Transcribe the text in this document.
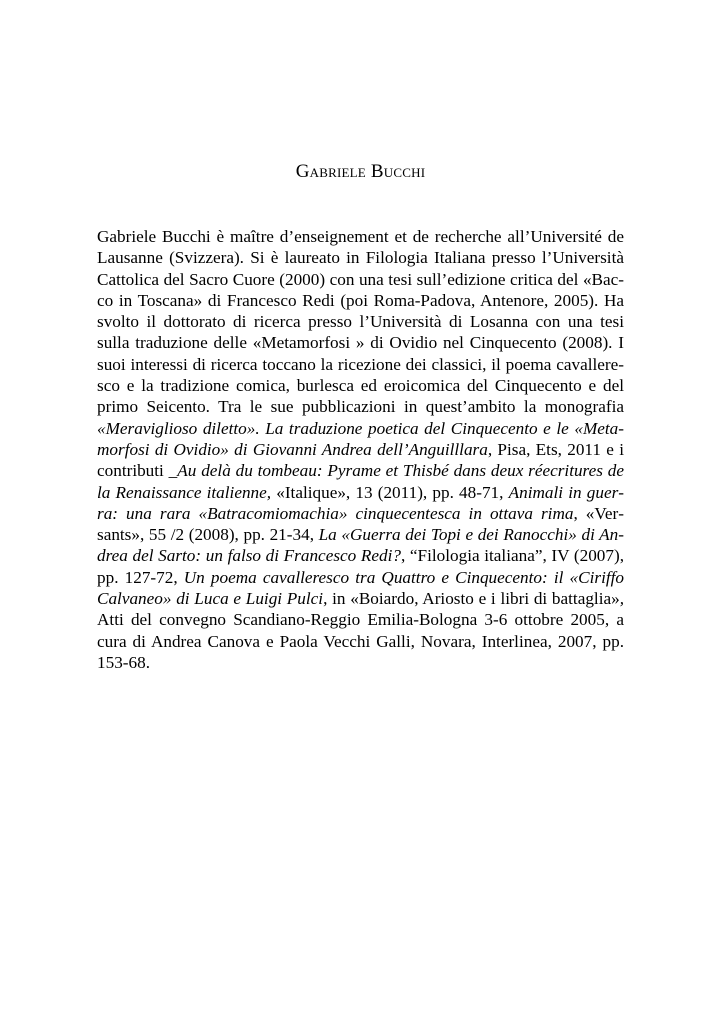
Gabriele Bucchi

Gabriele Bucchi è maître d’enseignement et de recherche all’Université de Lausanne (Svizzera). Si è laureato in Filologia Italiana presso l’Università Cattolica del Sacro Cuore (2000) con una tesi sull’edizione critica del «Bacco in Toscana» di Francesco Redi (poi Roma-Padova, Antenore, 2005). Ha svolto il dottorato di ricerca presso l’Università di Losanna con una tesi sulla traduzione delle «Metamorfosi » di Ovidio nel Cinquecento (2008). I suoi interessi di ricerca toccano la ricezione dei classici, il poema cavalleresco e la tradizione comica, burlesca ed eroicomica del Cinquecento e del primo Seicento. Tra le sue pubblicazioni in quest’ambito la monografia «Meraviglioso diletto». La traduzione poetica del Cinquecento e le «Metamorfosi di Ovidio» di Giovanni Andrea dell’Anguilllara, Pisa, Ets, 2011 e i contributi _Au delà du tombeau: Pyrame et Thisbé dans deux réecritures de la Renaissance italienne, «Italique», 13 (2011), pp. 48-71, Animali in guerra: una rara «Batracomiomachia» cinquecentesca in ottava rima, «Versants», 55 /2 (2008), pp. 21-34, La «Guerra dei Topi e dei Ranocchi» di Andrea del Sarto: un falso di Francesco Redi?, “Filologia italiana”, IV (2007), pp. 127-72, Un poema cavalleresco tra Quattro e Cinquecento: il «Ciriffo Calvaneo» di Luca e Luigi Pulci, in «Boiardo, Ariosto e i libri di battaglia», Atti del convegno Scandiano-Reggio Emilia-Bologna 3-6 ottobre 2005, a cura di Andrea Canova e Paola Vecchi Galli, Novara, Interlinea, 2007, pp. 153-68.
